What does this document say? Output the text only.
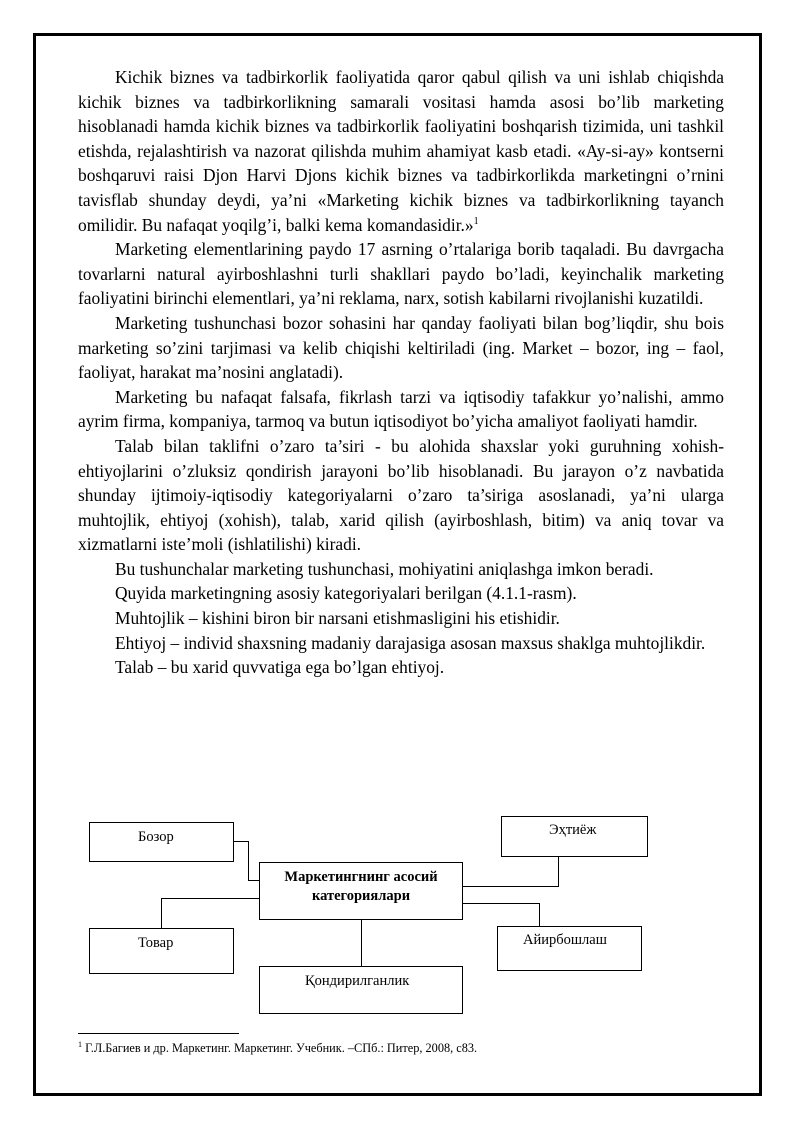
Kichik biznes va tadbirkorlik faoliyatida qaror qabul qilish va uni ishlab chiqishda kichik biznes va tadbirkorlikning samarali vositasi hamda asosi bo’lib marketing hisoblanadi hamda kichik biznes va tadbirkorlik faoliyatini boshqarish tizimida, uni tashkil etishda, rejalashtirish va nazorat qilishda muhim ahamiyat kasb etadi. «Ay-si-ay» kontserni boshqaruvi raisi Djon Harvi Djons kichik biznes va tadbirkorlikda marketingni o’rnini tavisflab shunday deydi, ya’ni «Marketing kichik biznes va tadbirkorlikning tayanch omilidir. Bu nafaqat yoqilg’i, balki kema komandasidir.»$^1$

Marketing elementlarining paydo 17 asrning o’rtalariga borib taqaladi. Bu davrgacha tovarlarni natural ayirboshlashni turli shakllari paydo bo’ladi, keyinchalik marketing faoliyatini birinchi elementlari, ya’ni reklama, narx, sotish kabilarni rivojlanishi kuzatildi.

Marketing tushunchasi bozor sohasini har qanday faoliyati bilan bog’liqdir, shu bois marketing so’zini tarjimasi va kelib chiqishi keltiriladi (ing. Market – bozor, ing – faol, faoliyat, harakat ma’nosini anglatadi).

Marketing bu nafaqat falsafa, fikrlash tarzi va iqtisodiy tafakkur yo’nalishi, ammo ayrim firma, kompaniya, tarmoq va butun iqtisodiyot bo’yicha amaliyot faoliyati hamdir.

Talab bilan taklifni o’zaro ta’siri - bu alohida shaxslar yoki guruhning xohish-ehtiyojlarini o’zluksiz qondirish jarayoni bo’lib hisoblanadi. Bu jarayon o’z navbatida shunday ijtimoiy-iqtisodiy kategoriyalarni o’zaro ta’siriga asoslanadi, ya’ni ularga muhtojlik, ehtiyoj (xohish), talab, xarid qilish (ayirboshlash, bitim) va aniq tovar va xizmatlarni iste’moli (ishlatilishi) kiradi.

Bu tushunchalar marketing tushunchasi, mohiyatini aniqlashga imkon beradi.

Quyida marketingning asosiy kategoriyalari berilgan (4.1.1-rasm).

Muhtojlik – kishini biron bir narsani etishmasligini his etishidir.

Ehtiyoj – individ shaxsning madaniy darajasiga asosan maxsus shaklga muhtojlikdir.

Talab – bu xarid quvvatiga ega bo’lgan ehtiyoj.

Бозор	Эҳтиёж
Маркетингнинг асосий категориялари
Товар	Айирбошлаш
Қондирилганлик
$^1$ Г.Л.Багиев и др. Маркетинг. Маркетинг. Учебник. –СПб.: Питер, 2008, с83.
